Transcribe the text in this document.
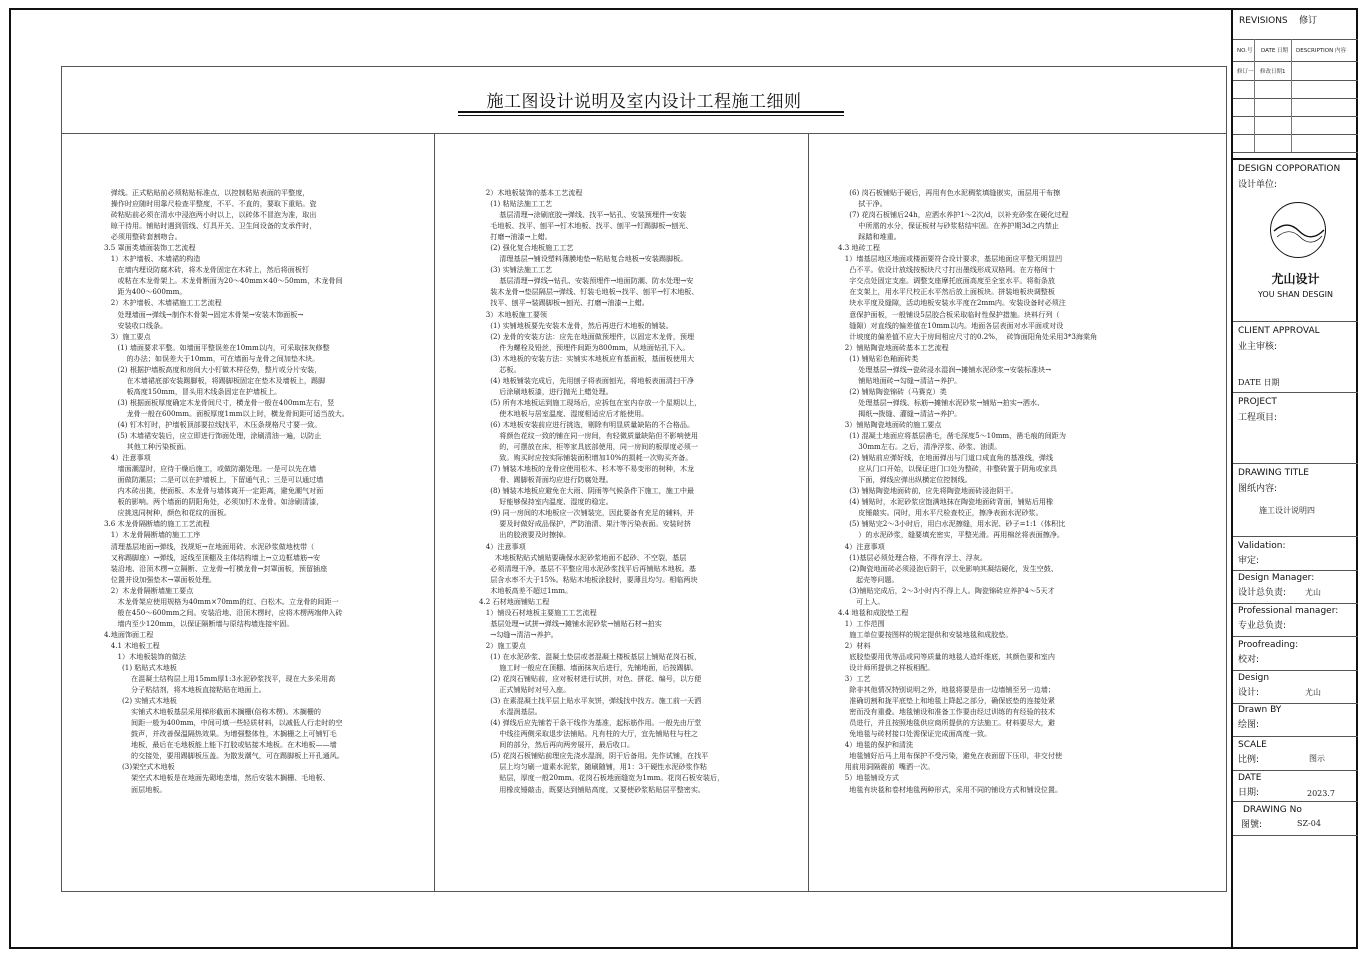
施工图设计说明及室内设计工程施工细则
弹线。正式粘贴前必须粘贴标准点，以控制粘贴表面的平整度，
操作时应随时用靠尺检查平整度，不平、不直的，要取下重贴。瓷
砖粘贴前必须在清水中浸泡两小时以上，以砖体不冒泡为准，取出
晾干待用。铺贴时遇到管线、灯具开关、卫生间设备的支承件时，
必须用整砖套割吻合。
3.5 罩面类墙面装饰工艺流程
1）木护墙板、木墙裙的构造
在墙内埋设防腐木砖，将木龙骨固定在木砖上，然后将面板钉
或粘在木龙骨架上。木龙骨断面为20～40mm×40～50mm，木龙骨间
距为400～600mm。
2）木护墙板、木墙裙施工工艺流程
处理墙面→弹线→制作木骨架→固定木骨架→安装木饰面板→
安装收口线条。
3）施工要点
(1) 墙面要求平整。如墙面平整误差在10mm以内，可采取抹灰修整
的办法；如误差大于10mm，可在墙面与龙骨之间加垫木块。
(2) 根据护墙板高度和房间大小钉做木样径势，整片或分片安装，
在木墙裙底部安装踢脚板，将踢脚板固定在垫木及墙板上，踢脚
板高度150mm，冒头用木线条固定在护墙板上。
(3) 根据面板厚度确定木龙骨间尺寸，横龙骨一般在400mm左右，竖
龙骨一般在600mm。面板厚度1mm以上时，横龙骨间距可适当放大。
(4) 钉木钉时，护墙板顶部要拉线找平，木压条规格尺寸要一致。
(5) 木墙裙安装后，应立即进行饰面处理，涂刷清油一遍，以防止
其他工种污染板面。
4）注意事项
墙面潮湿时，应待干燥后施工，或做防潮处理。一是可以先在墙
面做防潮层；二是可以在护墙板上，下留通气孔；三是可以通过墙
内木砖出挑，使面板、木龙骨与墙体离开一定距离，避免潮气对面
板的影响。两个墙面的阴阳角处，必须加钉木龙骨。如涂刷清漆，
应挑选同树种，颜色和花纹的面板。
3.6 木龙骨隔断墙的施工工艺流程
1）木龙骨隔断墙的施工工序
清理基层地面→弹线，找规矩→在地面用砖、水泥砂浆做地枕带（
又称踢脚座）→弹线，返线至顶棚及主体结构墙上→立边框墙筋→安
装沿地、沿顶木楞→立隔断、立龙骨→钉横龙骨→封罩面板，预留插座
位置并设加强垫木→罩面板处理。
2）木龙骨隔断墙施工要点
木龙骨架应使用规格为40mm×70mm的红、白松木。立龙骨的间距一
般在450～600mm之间。安装沿地、沿顶木楞时，应将木楞两端伸入砖
墙内至少120mm，以保证隔断墙与原结构墙连接牢固。
4.地面饰面工程
4.1 木地板工程
1）木地板装饰的做法
(1) 粘贴式木地板
在混凝土结构层上用15mm厚1:3水泥砂浆找平，现在大多采用高
分子粘结剂，将木地板直接粘贴在地面上。
(2) 实铺式木地板
实铺式木地板基层采用梯形截面木搁栅(俗称木楞)。木搁栅的
间距一般为400mm，中间可填一些轻质材料，以减低人行走时的空
鼓声，并改善保温隔热效果。为增强整体性，木搁栅之上可铺钉毛
地板，最后在毛地板能上能下打胶或钻接木地板。在木地板——墙
的交接处，要用踢脚板压盖。为散发潮气，可在踢脚板上开孔通风。
(3)架空式木地板
架空式木地板是在地面先砌地垄墙，然后安装木搁栅、毛地板、
面层地板。
2）木地板装饰的基本工艺流程
(1) 粘贴法施工工艺
基层清理→涂刷底胶→弹线、找平→钻孔、安装预埋件→安装
毛地板、找平、刨平→钉木地板、找平、刨平→钉踢脚板→刨光、
打磨→油漆→上蜡。
(2) 强化复合地板施工工艺
清理基层→铺设塑料薄膜地垫→粘贴复合地板→安装踢脚板。
(3) 实铺法施工工艺
基层清理→弹线→钻孔、安装预埋件→地面防潮、防水处理→安
装木龙骨→垫层隔层→弹线、钉装毛地板→找平、刨平→钉木地板、
找平、刨平→装踢脚板→刨光、打磨→油漆→上蜡。
3）木地板施工要领
(1) 实铺地板要先安装木龙骨，然后再进行木地板的铺装。
(2) 龙骨的安装方法：应先在地面做预埋件，以固定木龙骨，预埋
件为螺栓及铅丝，预埋件间距为800mm，从地面钻孔下入。
(3) 木地板的安装方法：实铺实木地板应有基面板，基面板使用大
芯板。
(4) 地板铺装完成后，先用刨子将表面刨光，将地板表面清扫干净
后涂刷地板漆，进行抛光上蜡处理。
(5) 所有木地板运到施工现场后，应拆包在室内存放一个星期以上，
使木地板与居室温度、湿度相适应后才能使用。
(6) 木地板安装前应进行挑选，剔除有明显质量缺陷的不合格品。
将颜色花纹一致的铺在同一房间，有轻微质量缺陷但不影响使用
的，可摆放在床、柜等家具底部使用，同一房间的板厚度必须一
致。购买时应按实际铺装面积增加10%的损耗一次购买齐备。
(7) 铺装木地板的龙骨应使用松木、杉木等不易变形的树种，木龙
骨、踢脚板背面均应进行防腐处理。
(8) 铺装木地板应避免在大雨、阴雨等气候条件下施工，施工中最
好能够保持室内温度、湿度的稳定。
(9) 同一房间的木地板应一次铺装完，因此要备有充足的辅料，并
要及时做好成品保护，严防油渍、果汁等污染表面。安装时挤
出的胶液要及时擦掉。
4）注意事项
木地板粘贴式铺贴要确保水泥砂浆地面不起砂、不空裂，基层
必须清理干净。基层不平整应用水泥砂浆找平后再铺贴木地板。基
层含水率不大于15%。粘贴木地板涂胶时，要薄且均匀。相临两块
木地板高差不超过1mm。
4.2 石材地面铺贴工程
1）铺设石材地板主要施工工艺流程
基层处理→试拼→弹线→摊铺水泥砂浆→铺贴石材→拍实
→勾缝→清洁→养护。
2）施工要点
(1) 在水泥砂浆、混凝土垫层或者混凝土楼板基层上铺贴花岗石板，
施工时一般应在顶棚、墙面抹灰后进行，先铺地面，后按踢脚。
(2) 花岗石铺贴前，应对板材进行试拼，对色、拼花、编号，以方便
正式铺贴时对号入座。
(3) 在素混凝土找平层上贴水平灰饼，弹线找中找方。施工前一天洒
水湿润基层。
(4) 弹线后应先铺若干条干线作为基准，起标筋作用。一般先由厅堂
中线往两侧采取退步法铺贴。凡有柱的大厅，宜先铺贴柱与柱之
间的部分，然后再向两旁展开，最后收口。
(5) 花岗石板铺贴前理应先浇水湿润，阴干后备用。先作试铺，在找平
层上均匀刷一道素水泥浆，随刷随铺，用1：3干硬性水泥砂浆作粘
贴层，厚度一般20mm。花岗石板地面缝宽为1mm。花岗石板安装后，
用橡皮锤敲击，既要达到铺贴高度，又要使砂浆粘贴层平整密实。
(6) 岗石板铺贴于硬后，再用有色水泥稠浆填缝嵌实，面层用干布擦
拭干净。
(7) 花岗石板铺后24h，应洒水养护1～2次/d，以补充砂浆在硬化过程
中所需的水分，保证板材与砂浆粘结牢固。在养护期3d之内禁止
踩踏和堆重。
4.3 地砖工程
1）墙基层地区地面或楼面要符合设计要求，基层地面应平整无明显凹
凸不平。依设计放线按板块尺寸打出墨线形成双格网。在方格间十
字交点处固定支座。调整支座摩托底面高度至全室水平。将衔条放
在支架上，用水平尺校正水平然后放上面板块。拼装地板块调整板
块水平度及缝隙，活动地板安装水平度在2mm内。安装设备时必须注
意保护面板，一般铺设5层胶合板采取临时性保护措施。块料行列（
缝隙）对直线的偏差值在10mm以内。地面各层表面对水平面或对设
计坡度的偏差值不应大于房间相应尺寸的0.2%，  砖饰面阳角处采用3*3海棠角
2）铺贴陶瓷地面砖基本工艺流程
(1) 铺贴彩色釉面砖类
处理基层→弹线→瓷砖浸水湿润→摊铺水泥砂浆→安装标准块→
铺贴地面砖→勾缝→清洁→养护。
(2) 铺贴陶瓷锦砖（马赛克）类
处理基层→弹线、标筋→摊铺水泥砂浆→铺贴→拍实→洒水、
揭纸→拨缝、灌缝→清洁→养护。
3）铺贴陶瓷地面砖的施工要点
(1) 混凝土地面应将基层凿毛，凿毛深度5～10mm，凿毛痕的间距为
30mm左右。之后，清净浮浆、砂浆、油渍。
(2) 铺贴前应弹好线，在地面弹出与门道口成直角的基准线，弹线
应从门口开始，以保证进门口处为整砖，非整砖置于阴角或家具
下面，弹线应弹出纵横定位控制线。
(3) 铺贴陶瓷地面砖前，应先将陶瓷地面砖浸泡阴干。
(4) 铺贴时，水泥砂浆应饱满地抹在陶瓷地面砖背面，铺贴后用橡
皮锤敲实。同时，用水平尺检查校正，擦净表面水泥砂浆。
(5) 铺贴完2～3小时后，用白水泥擦缝，用水泥、砂子=1:1（体积比
）的水泥砂浆，缝要填充密实，平整光滑。再用棉丝将表面擦净。
4）注意事项
(1)基层必须处理合格，不得有浮土、浮灰。
(2)陶瓷地面砖必须浸泡后阴干，以免影响其凝结硬化，发生空鼓、
起壳等问题。
(3)铺贴完成后，2～3小时内不得上人。陶瓷锦砖应养护4～5天才
可上人。
4.4 地毯和成胶垫工程
1）工作范围
施工单位要按图样的规定提供和安装地毯和成胶垫。
2）材料
底胶垫要用优等品或同等质量的地毯人造纤维底，其颜色要和室内
设计师所提供之样板相配。
3）工艺
除非其他情况特别说明之外，地毯将要是由一边墙铺至另一边墙；
准确切割和拢平底垫上和地毯上降起之部分，确保底垫的连接处紧
密而没有重叠。地毯铺设和准备工作要由经过训练的有经验的技术
员进行，并且按照地毯供应商所提供的方法施工。材料要尽大，避
免地毯与砖材接口处需保证完成面高度一致。
4）地毯的保护和清洗
地毯铺好后马上用布保护不受污染，避免在表面留下压印，非交付使
用前用洞隔震前  嘴洒一次。
5）地毯铺设方式
地毯有块毯和卷材地毯两种形式，采用不同的铺设方式和铺设位置。
REVISIONS 修订
NO.号 DATE 日期 DESCRIPTION 内容
修订一 修改日期1
DESIGN COPPORATION
设计单位:
尤山设计
YOU SHAN DESGIN
CLIENT APPROVAL
业主审核:
DATE 日期
PROJECT
工程项目:
DRAWING TITLE
图纸内容:
施工设计说明四
Validation:
审定:
Design Manager:
设计总负责: 尤山
Professional manager:
专业总负责:
Proofreading:
校对:
Design
设计:	尤山
Drawn BY
绘图:
SCALE
比例:	图示
DATE
日期:	2023.7
DRAWING No
图號:	SZ-04
